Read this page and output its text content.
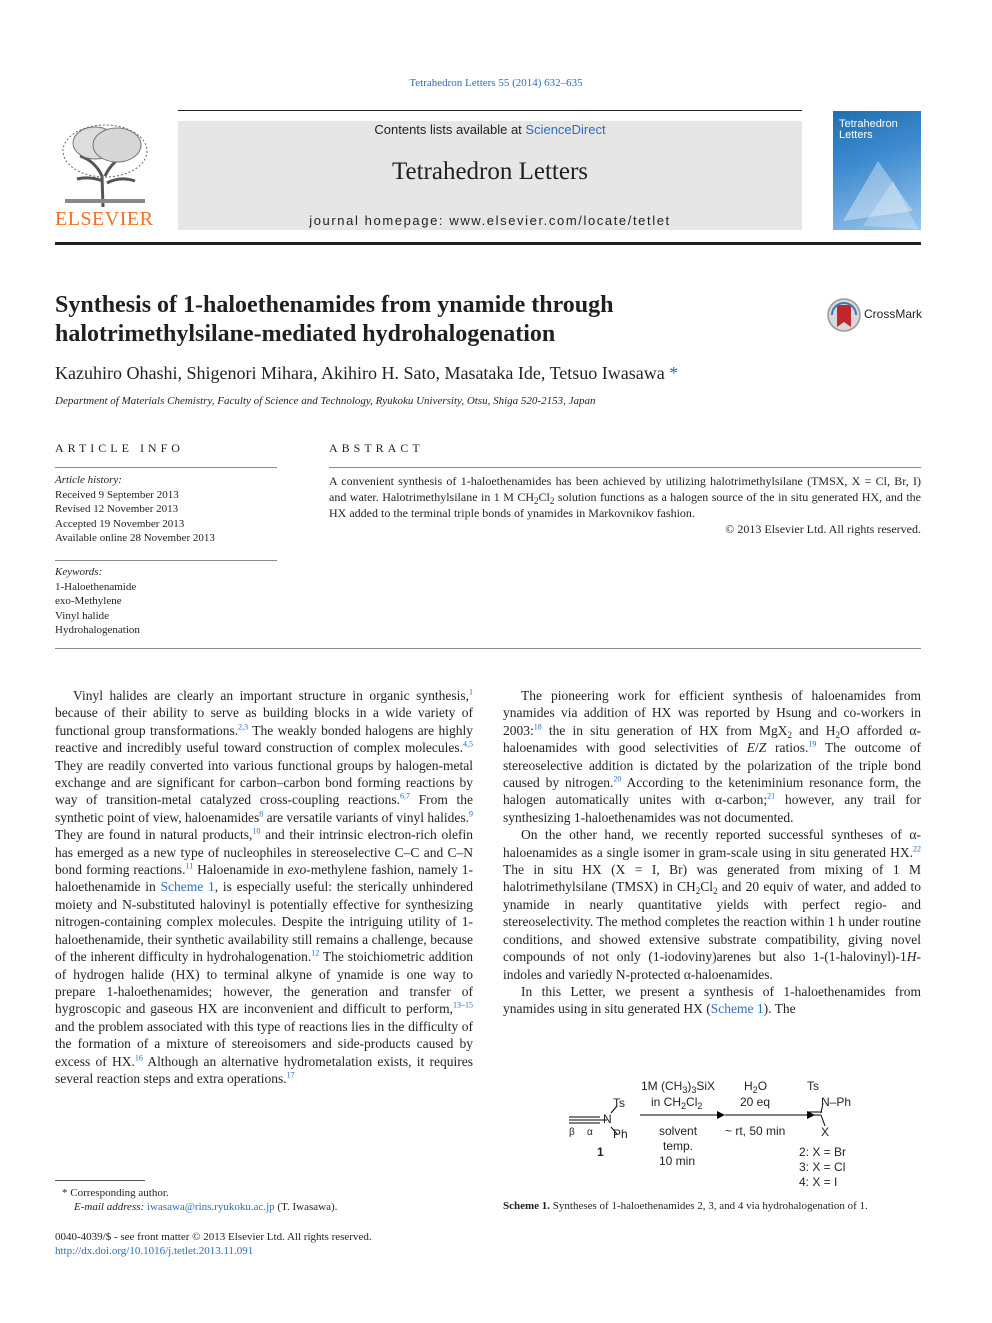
Tetrahedron Letters 55 (2014) 632–635
ELSEVIER
Contents lists available at ScienceDirect
Tetrahedron Letters
journal homepage: www.elsevier.com/locate/tetlet
Tetrahedron Letters
Synthesis of 1-haloethenamides from ynamide through
halotrimethylsilane-mediated hydrohalogenation
CrossMark
Kazuhiro Ohashi, Shigenori Mihara, Akihiro H. Sato, Masataka Ide, Tetsuo Iwasawa *
Department of Materials Chemistry, Faculty of Science and Technology, Ryukoku University, Otsu, Shiga 520-2153, Japan
ARTICLE INFO	ABSTRACT
Article history:
Received 9 September 2013
Revised 12 November 2013
Accepted 19 November 2013
Available online 28 November 2013
Keywords:
1-Haloethenamide
exo-Methylene
Vinyl halide
Hydrohalogenation
A convenient synthesis of 1-haloethenamides has been achieved by utilizing halotrimethylsilane (TMSX, X = Cl, Br, I) and water. Halotrimethylsilane in 1 M $CH_2Cl_2$ solution functions as a halogen source of the in situ generated HX, and the HX added to the terminal triple bonds of ynamides in Markovnikov fashion.
© 2013 Elsevier Ltd. All rights reserved.

Vinyl halides are clearly an important structure in organic synthesis,$^1$ because of their ability to serve as building blocks in a wide variety of functional group transformations.$^{2,3}$ The weakly bonded halogens are highly reactive and incredibly useful toward construction of complex molecules.$^{4,5}$ They are readily converted into various functional groups by halogen-metal exchange and are significant for carbon–carbon bond forming reactions by way of transition-metal catalyzed cross-coupling reactions.$^{6,7}$ From the synthetic point of view, haloenamides$^8$ are versatile variants of vinyl halides.$^9$ They are found in natural products,$^{10}$ and their intrinsic electron-rich olefin has emerged as a new type of nucleophiles in stereoselective C–C and C–N bond forming reactions.$^{11}$ Haloenamide in exo-methylene fashion, namely 1-haloethenamide in Scheme 1, is especially useful: the sterically unhindered moiety and N-substituted halovinyl is potentially effective for synthesizing nitrogen-containing complex molecules. Despite the intriguing utility of 1-haloethenamide, their synthetic availability still remains a challenge, because of the inherent difficulty in hydrohalogenation.$^{12}$ The stoichiometric addition of hydrogen halide (HX) to terminal alkyne of ynamide is one way to prepare 1-haloethenamides; however, the generation and transfer of hygroscopic and gaseous HX are inconvenient and difficult to perform,$^{13-15}$ and the problem associated with this type of reactions lies in the difficulty of the formation of a mixture of stereoisomers and side-products caused by excess of HX.$^{16}$ Although an alternative hydrometalation exists, it requires several reaction steps and extra operations.$^{17}$

The pioneering work for efficient synthesis of haloenamides from ynamides via addition of HX was reported by Hsung and co-workers in 2003:$^{18}$ the in situ generation of HX from MgX$_2$ and $H_2O$ afforded α-haloenamides with good selectivities of E/Z ratios.$^{19}$ The outcome of stereoselective addition is dictated by the polarization of the triple bond caused by nitrogen.$^{20}$ According to the keteniminium resonance form, the halogen automatically unites with α-carbon;$^{21}$ however, any trail for synthesizing 1-haloethenamides was not documented.

On the other hand, we recently reported successful syntheses of α-haloenamides as a single isomer in gram-scale using in situ generated HX.$^{22}$ The in situ HX (X = I, Br) was generated from mixing of 1 M halotrimethylsilane (TMSX) in $CH_2Cl_2$ and 20 equiv of water, and added to ynamide in nearly quantitative yields with perfect regio- and stereoselectivity. The method completes the reaction within 1 h under routine conditions, and showed extensive substrate compatibility, giving novel compounds of not only (1-iodoviny)arenes but also 1-(1-halovinyl)-1H-indoles and variedly N-protected α-haloenamides.

In this Letter, we present a synthesis of 1-haloethenamides from ynamides using in situ generated HX (Scheme 1). The

Ts
N
Ph
β α
1
1M $(CH_3)_3SiX$
in $CH_2Cl_2$
solvent
temp.
10 min
$H_2O$
20 eq
~ rt, 50 min
Ts
N–Ph
X
2: X = Br
3: X = Cl
4: X = I
Scheme 1. Syntheses of 1-haloethenamides 2, 3, and 4 via hydrohalogenation of 1.
* Corresponding author.
E-mail address: iwasawa@rins.ryukoku.ac.jp (T. Iwasawa).
0040-4039/$ - see front matter © 2013 Elsevier Ltd. All rights reserved.
http://dx.doi.org/10.1016/j.tetlet.2013.11.091
